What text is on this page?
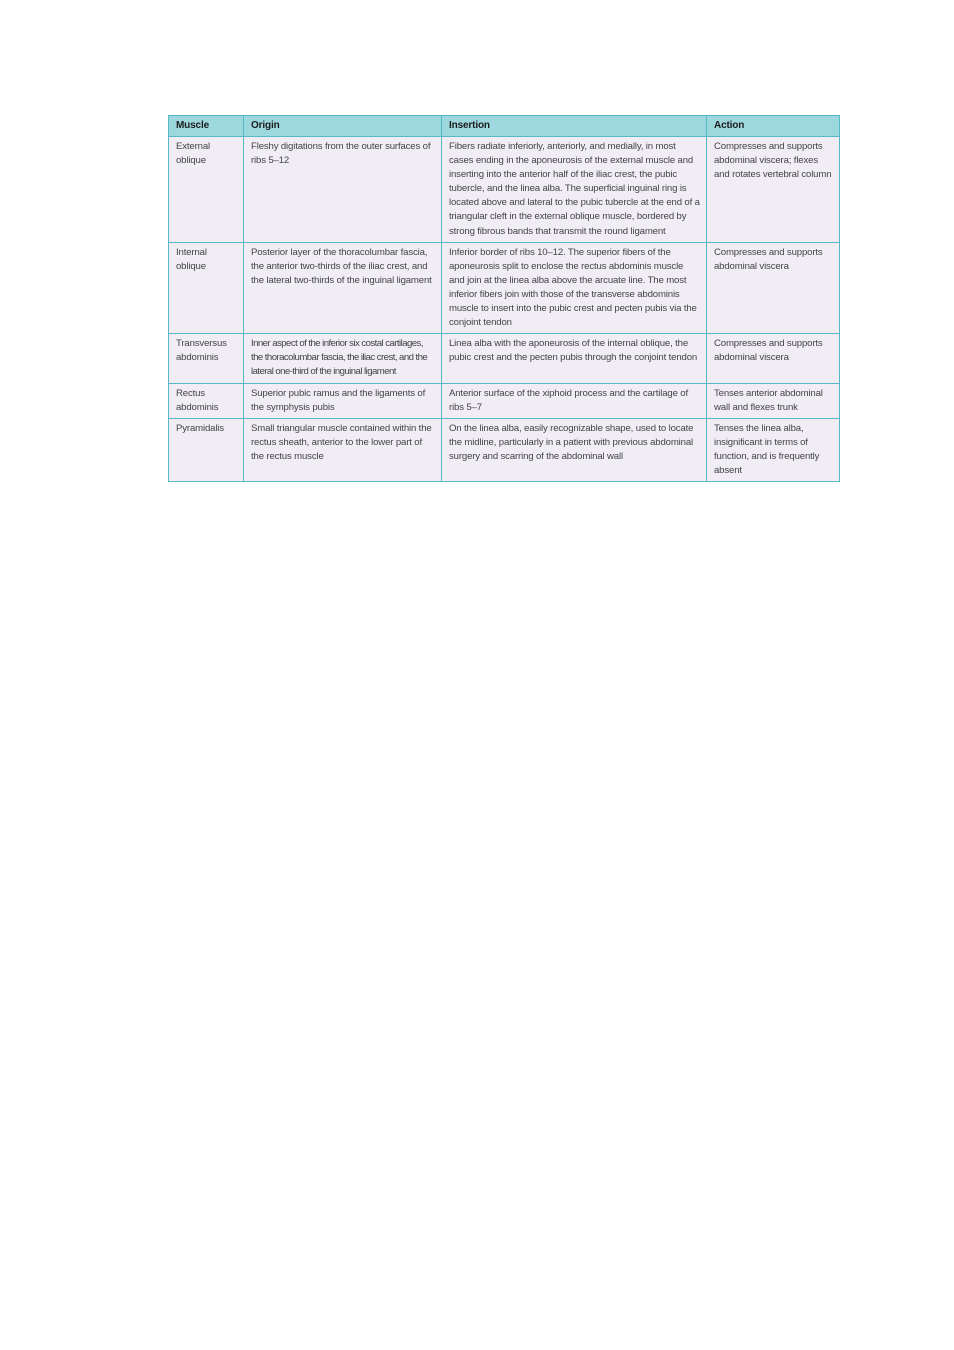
Muscle	Origin	Insertion	Action
External oblique	Fleshy digitations from the outer surfaces of ribs 5–12	Fibers radiate inferiorly, anteriorly, and medially, in most cases ending in the aponeurosis of the external muscle and inserting into the anterior half of the iliac crest, the pubic tubercle, and the linea alba. The superficial inguinal ring is located above and lateral to the pubic tubercle at the end of a triangular cleft in the external oblique muscle, bordered by strong fibrous bands that transmit the round ligament	Compresses and supports abdominal viscera; flexes and rotates vertebral column
Internal oblique	Posterior layer of the thoracolumbar fascia, the anterior two-thirds of the iliac crest, and the lateral two-thirds of the inguinal ligament	Inferior border of ribs 10–12. The superior fibers of the aponeurosis split to enclose the rectus abdominis muscle and join at the linea alba above the arcuate line. The most inferior fibers join with those of the transverse abdominis muscle to insert into the pubic crest and pecten pubis via the conjoint tendon	Compresses and supports abdominal viscera
Transversus abdominis	Inner aspect of the inferior six costal cartilages, the thoracolumbar fascia, the iliac crest, and the lateral one-third of the inguinal ligament	Linea alba with the aponeurosis of the internal oblique, the pubic crest and the pecten pubis through the conjoint tendon	Compresses and supports abdominal viscera
Rectus abdominis	Superior pubic ramus and the ligaments of the symphysis pubis	Anterior surface of the xiphoid process and the cartilage of ribs 5–7	Tenses anterior abdominal wall and flexes trunk
Pyramidalis	Small triangular muscle contained within the rectus sheath, anterior to the lower part of the rectus muscle	On the linea alba, easily recognizable shape, used to locate the midline, particularly in a patient with previous abdominal surgery and scarring of the abdominal wall	Tenses the linea alba, insignificant in terms of function, and is frequently absent
